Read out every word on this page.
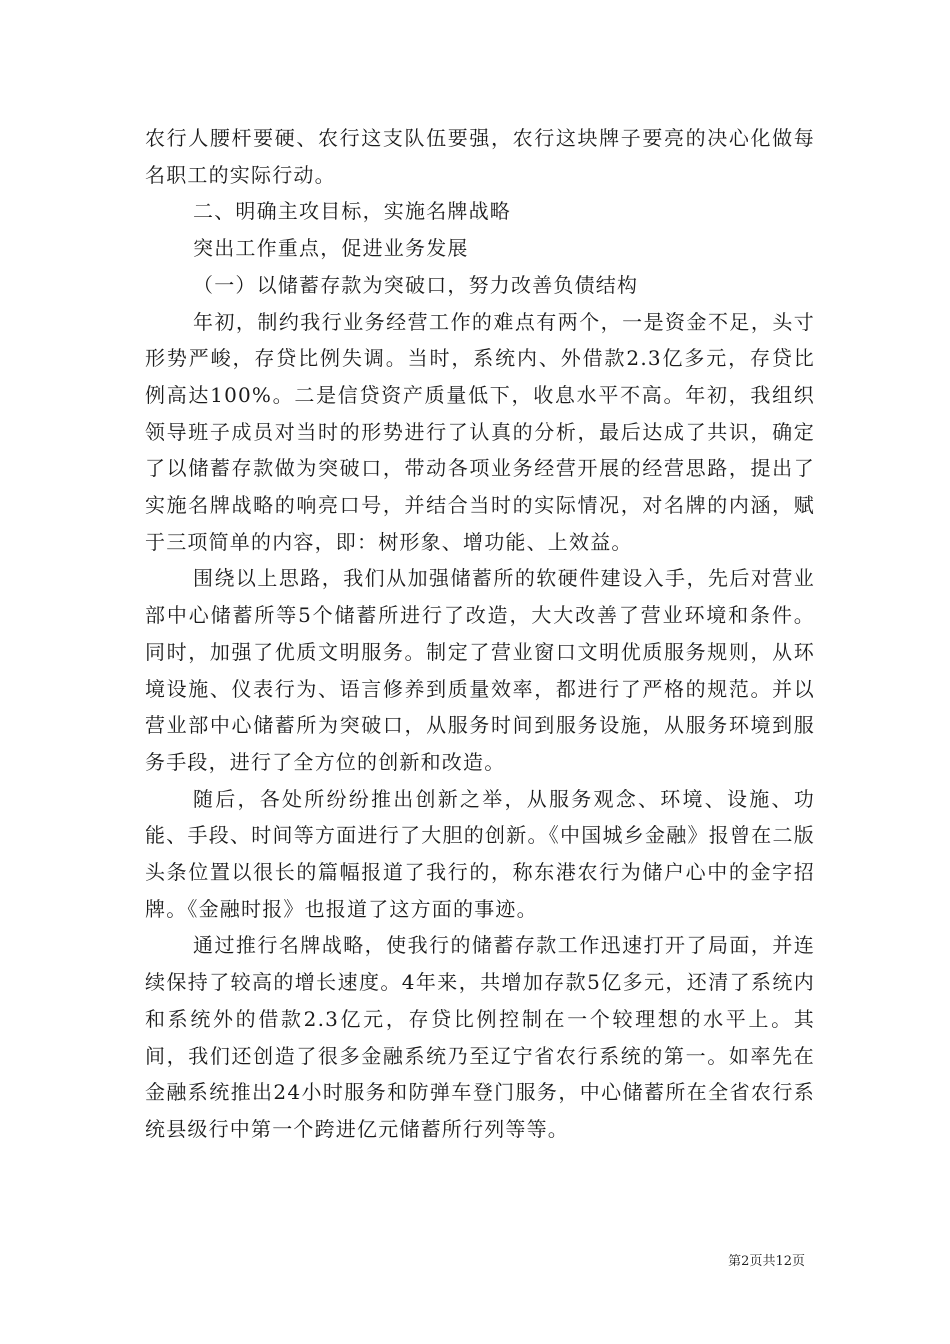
农行人腰杆要硬、农行这支队伍要强，农行这块牌子要亮的决心化做每名职工的实际行动。

二、明确主攻目标，实施名牌战略

突出工作重点，促进业务发展

（一）以储蓄存款为突破口，努力改善负债结构

年初，制约我行业务经营工作的难点有两个，一是资金不足，头寸形势严峻，存贷比例失调。当时，系统内、外借款2.3亿多元，存贷比例高达100%。二是信贷资产质量低下，收息水平不高。年初，我组织领导班子成员对当时的形势进行了认真的分析，最后达成了共识，确定了以储蓄存款做为突破口，带动各项业务经营开展的经营思路，提出了实施名牌战略的响亮口号，并结合当时的实际情况，对名牌的内涵，赋于三项简单的内容，即：树形象、增功能、上效益。

围绕以上思路，我们从加强储蓄所的软硬件建设入手，先后对营业部中心储蓄所等5个储蓄所进行了改造，大大改善了营业环境和条件。同时，加强了优质文明服务。制定了营业窗口文明优质服务规则，从环境设施、仪表行为、语言修养到质量效率，都进行了严格的规范。并以营业部中心储蓄所为突破口，从服务时间到服务设施，从服务环境到服务手段，进行了全方位的创新和改造。

随后，各处所纷纷推出创新之举，从服务观念、环境、设施、功能、手段、时间等方面进行了大胆的创新。《中国城乡金融》报曾在二版头条位置以很长的篇幅报道了我行的，称东港农行为储户心中的金字招牌。《金融时报》也报道了这方面的事迹。

通过推行名牌战略，使我行的储蓄存款工作迅速打开了局面，并连续保持了较高的增长速度。4年来，共增加存款5亿多元，还清了系统内和系统外的借款2.3亿元，存贷比例控制在一个较理想的水平上。其间，我们还创造了很多金融系统乃至辽宁省农行系统的第一。如率先在金融系统推出24小时服务和防弹车登门服务，中心储蓄所在全省农行系统县级行中第一个跨进亿元储蓄所行列等等。

第2页共12页
